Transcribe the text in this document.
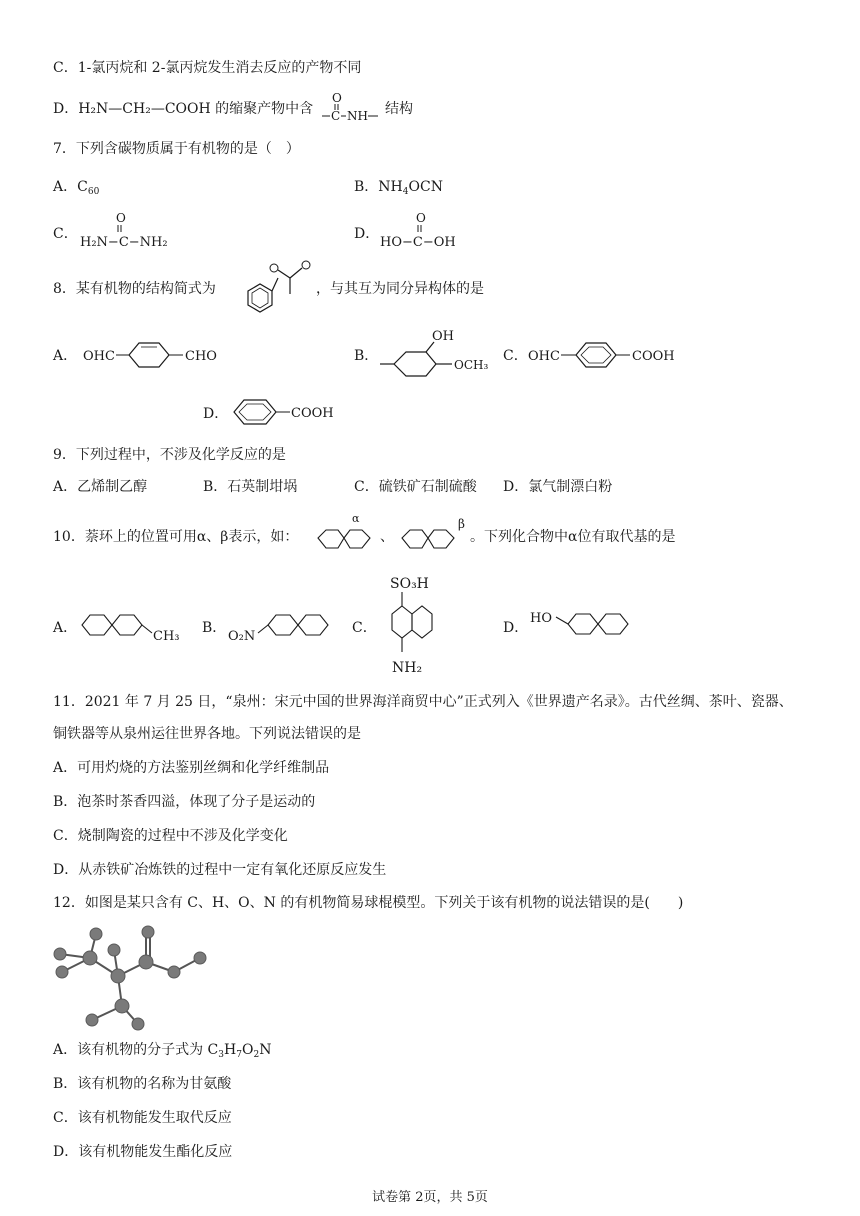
C．1-氯丙烷和 2-氯丙烷发生消去反应的产物不同
D．H₂N—CH₂—COOH 的缩聚产物中含
O
C NH 结构
7．下列含碳物质属于有机物的是（　）
A．$C_{60}$	B．$NH_4OCN$
C．
O
H₂N−C−NH₂
D．
O
HO−C−OH
8．某有机物的结构简式为	，与其互为同分异构体的是
A． OHC	CHO	B．
OH
OCH₃
C． OHC	COOH
D．	COOH
9．下列过程中，不涉及化学反应的是
A．乙烯制乙醇	B．石英制坩埚	C．硫铁矿石制硫酸 D．氯气制漂白粉
10．萘环上的位置可用α、β表示，如：
α
、
β
。下列化合物中α位有取代基的是
A．
CH₃
B．
O₂N
C．
SO₃H
NH₂
D．
HO
11．2021 年 7 月 25 日，“泉州：宋元中国的世界海洋商贸中心”正式列入《世界遗产名录》。古代丝绸、茶叶、瓷器、
铜铁器等从泉州运往世界各地。下列说法错误的是
A．可用灼烧的方法鉴别丝绸和化学纤维制品
B．泡茶时茶香四溢，体现了分子是运动的
C．烧制陶瓷的过程中不涉及化学变化
D．从赤铁矿冶炼铁的过程中一定有氧化还原反应发生
12．如图是某只含有 C、H、O、N 的有机物简易球棍模型。下列关于该有机物的说法错误的是(　　)
A．该有机物的分子式为 $C_3H_7O_2N$
B．该有机物的名称为甘氨酸
C．该有机物能发生取代反应
D．该有机物能发生酯化反应
试卷第 2页，共 5页
